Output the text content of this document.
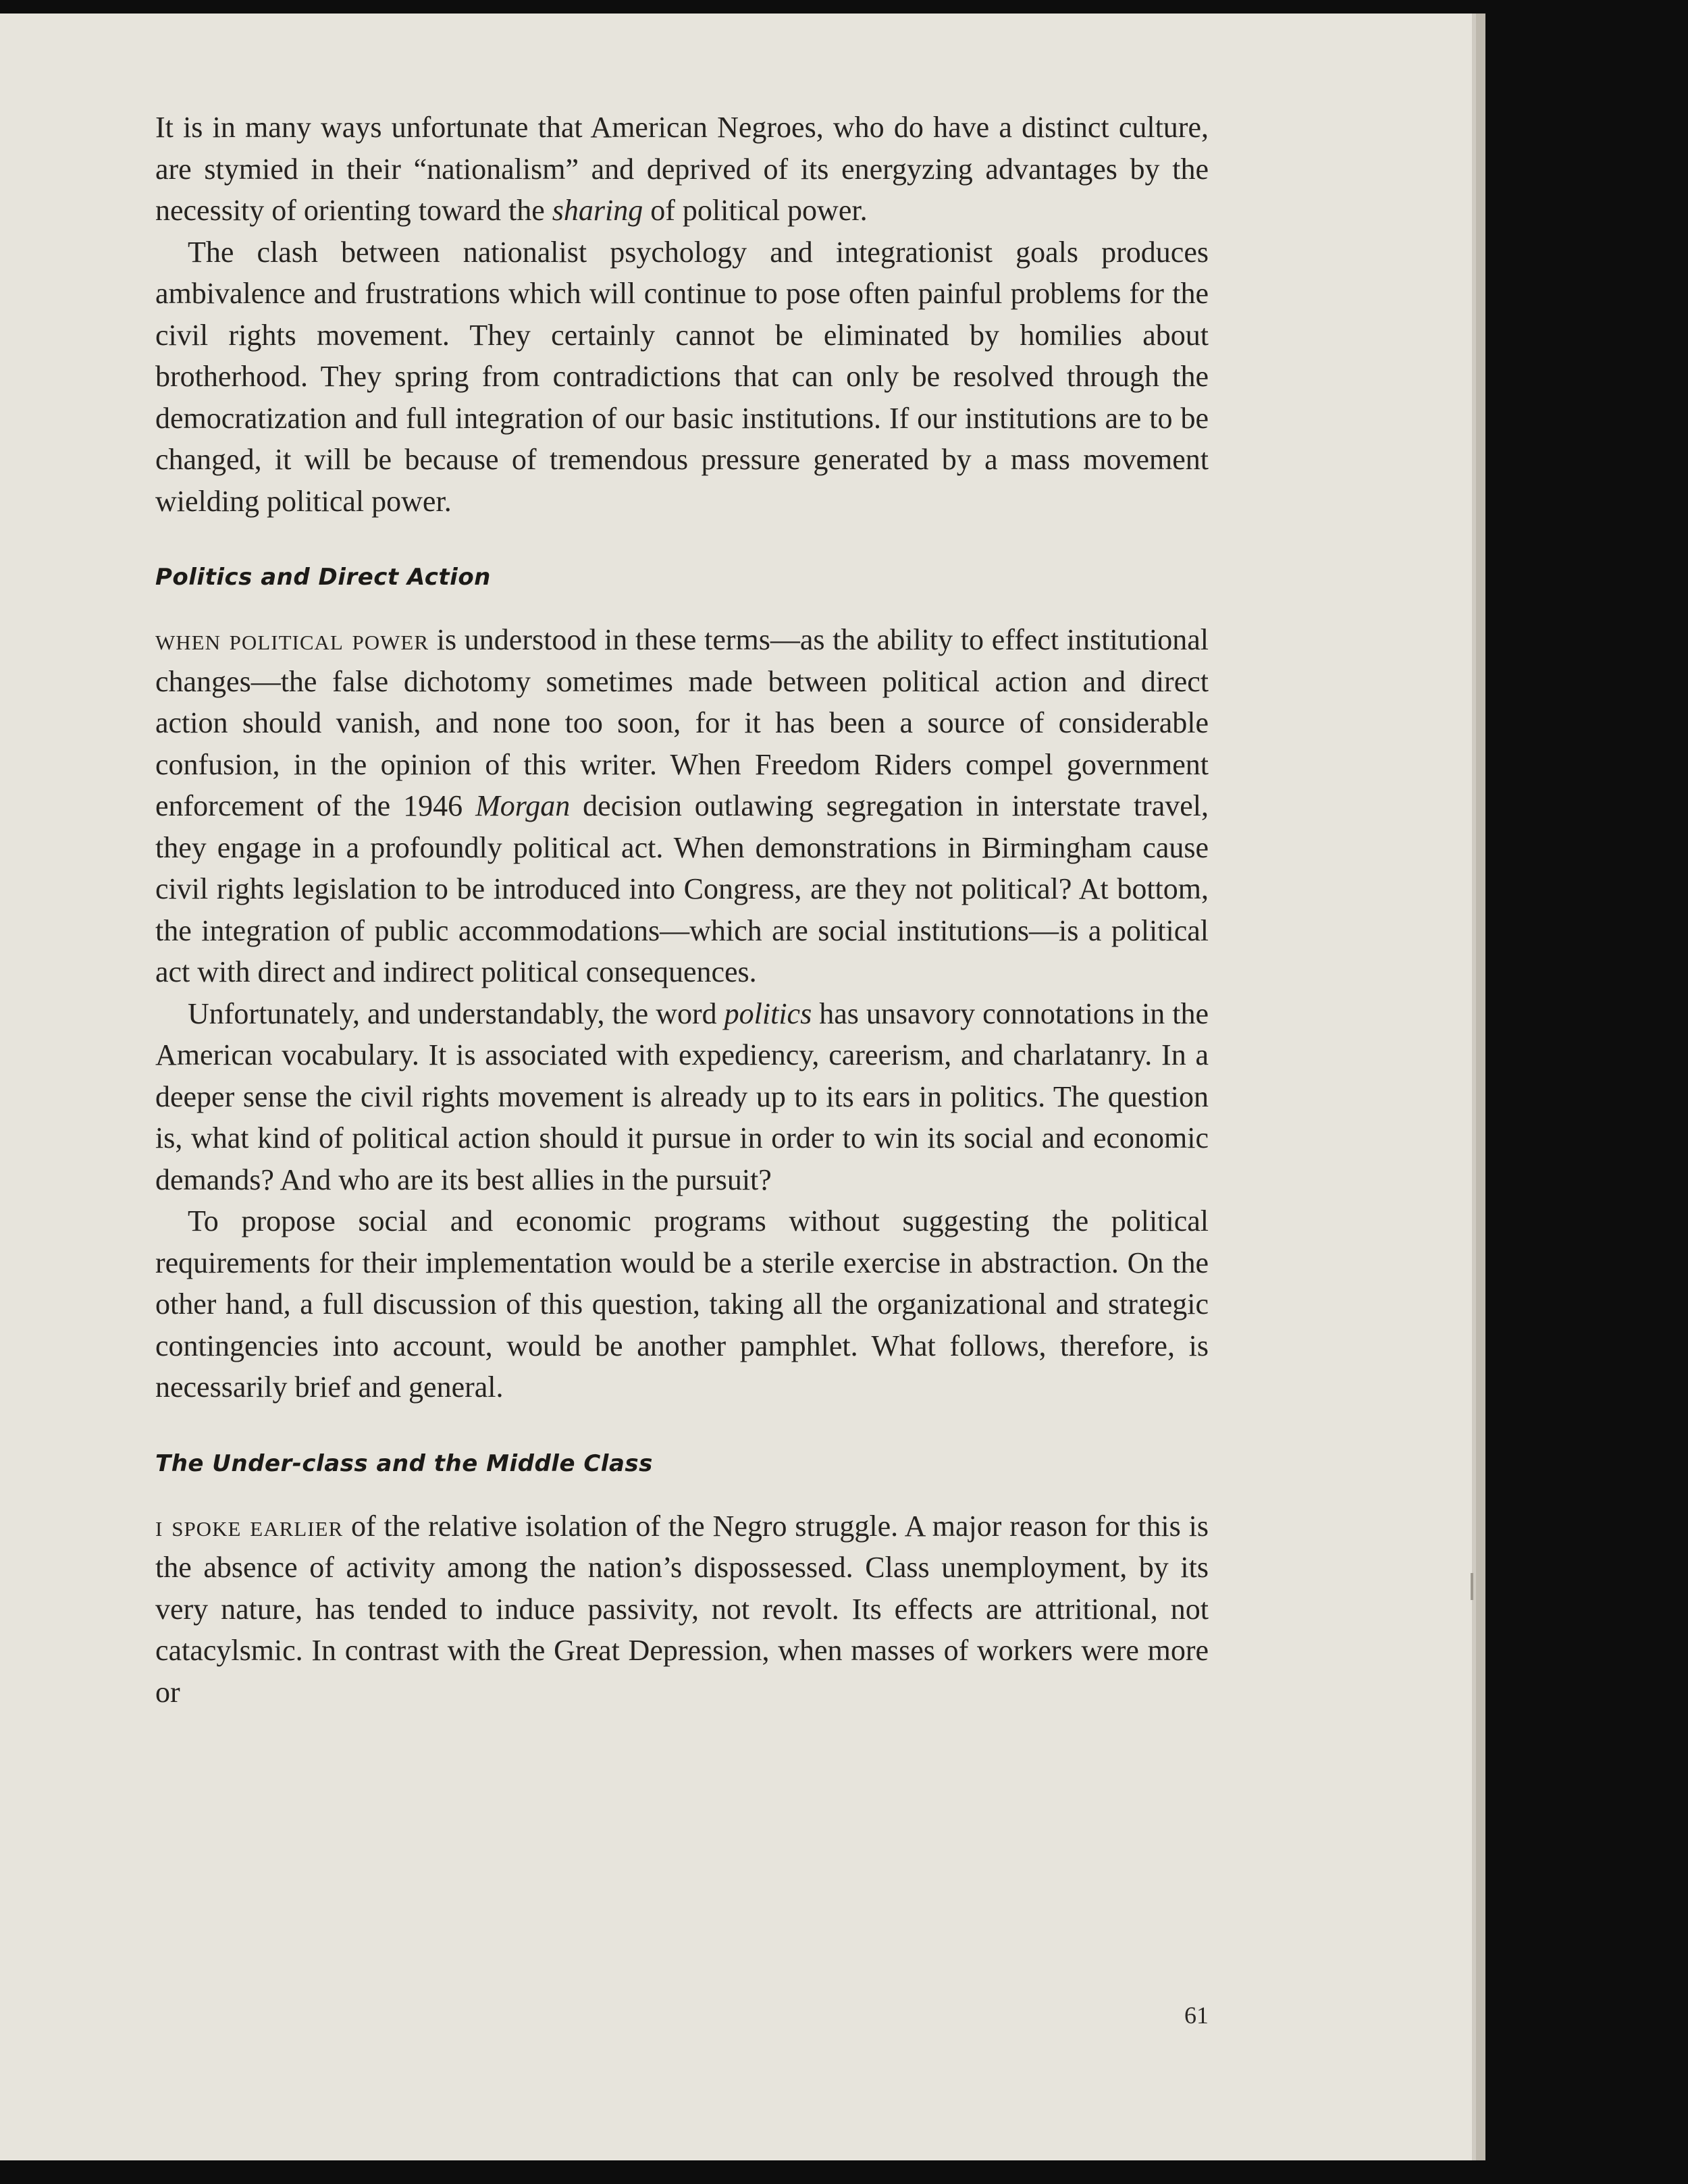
It is in many ways unfortunate that American Negroes, who do have a distinct culture, are stymied in their “nationalism” and deprived of its energyzing advantages by the necessity of orienting toward the sharing of political power.

The clash between nationalist psychology and integrationist goals produces ambivalence and frustrations which will continue to pose often painful problems for the civil rights movement. They certainly cannot be eliminated by homilies about brotherhood. They spring from contradictions that can only be resolved through the democratization and full integration of our basic institutions. If our institutions are to be changed, it will be because of tremendous pressure generated by a mass movement wielding political power.

Politics and Direct Action

when political power is understood in these terms—as the ability to effect institutional changes—the false dichotomy sometimes made between political action and direct action should vanish, and none too soon, for it has been a source of considerable confusion, in the opinion of this writer. When Freedom Riders compel government enforcement of the 1946 Morgan decision outlawing segregation in interstate travel, they engage in a profoundly political act. When demonstrations in Birmingham cause civil rights legislation to be introduced into Congress, are they not political? At bottom, the integration of public accommodations—which are social institutions—is a political act with direct and indirect political consequences.

Unfortunately, and understandably, the word politics has unsavory connotations in the American vocabulary. It is associated with expediency, careerism, and charlatanry. In a deeper sense the civil rights movement is already up to its ears in politics. The question is, what kind of political action should it pursue in order to win its social and economic demands? And who are its best allies in the pursuit?

To propose social and economic programs without suggesting the political requirements for their implementation would be a sterile exercise in abstraction. On the other hand, a full discussion of this question, taking all the organizational and strategic contingencies into account, would be another pamphlet. What follows, therefore, is necessarily brief and general.

The Under-class and the Middle Class

i spoke earlier of the relative isolation of the Negro struggle. A major reason for this is the absence of activity among the nation’s dispossessed. Class unemployment, by its very nature, has tended to induce passivity, not revolt. Its effects are attritional, not catacylsmic. In contrast with the Great Depression, when masses of workers were more or

61
